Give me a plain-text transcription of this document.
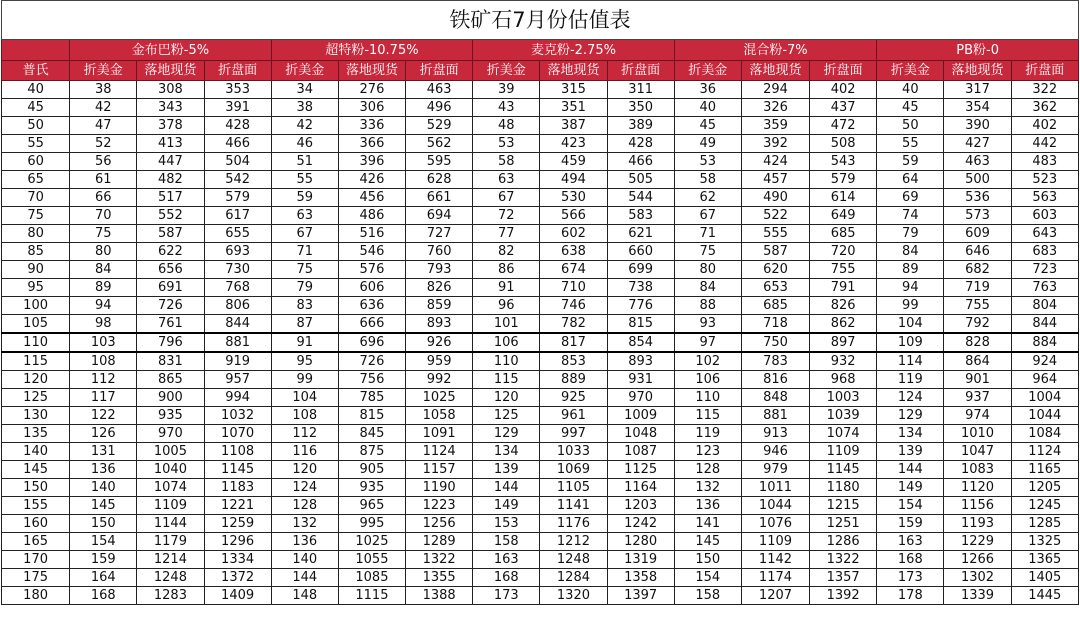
铁矿石7月份估值表															
	金布巴粉-5%			超特粉-10.75%			麦克粉-2.75%			混合粉-7%			PB粉-0		
普氏	折美金	落地现货	折盘面	折美金	落地现货	折盘面	折美金	落地现货	折盘面	折美金	落地现货	折盘面	折美金	落地现货	折盘面
40	38	308	353	34	276	463	39	315	311	36	294	402	40	317	322
45	42	343	391	38	306	496	43	351	350	40	326	437	45	354	362
50	47	378	428	42	336	529	48	387	389	45	359	472	50	390	402
55	52	413	466	46	366	562	53	423	428	49	392	508	55	427	442
60	56	447	504	51	396	595	58	459	466	53	424	543	59	463	483
65	61	482	542	55	426	628	63	494	505	58	457	579	64	500	523
70	66	517	579	59	456	661	67	530	544	62	490	614	69	536	563
75	70	552	617	63	486	694	72	566	583	67	522	649	74	573	603
80	75	587	655	67	516	727	77	602	621	71	555	685	79	609	643
85	80	622	693	71	546	760	82	638	660	75	587	720	84	646	683
90	84	656	730	75	576	793	86	674	699	80	620	755	89	682	723
95	89	691	768	79	606	826	91	710	738	84	653	791	94	719	763
100	94	726	806	83	636	859	96	746	776	88	685	826	99	755	804
105	98	761	844	87	666	893	101	782	815	93	718	862	104	792	844
110	103	796	881	91	696	926	106	817	854	97	750	897	109	828	884
115	108	831	919	95	726	959	110	853	893	102	783	932	114	864	924
120	112	865	957	99	756	992	115	889	931	106	816	968	119	901	964
125	117	900	994	104	785	1025	120	925	970	110	848	1003	124	937	1004
130	122	935	1032	108	815	1058	125	961	1009	115	881	1039	129	974	1044
135	126	970	1070	112	845	1091	129	997	1048	119	913	1074	134	1010	1084
140	131	1005	1108	116	875	1124	134	1033	1087	123	946	1109	139	1047	1124
145	136	1040	1145	120	905	1157	139	1069	1125	128	979	1145	144	1083	1165
150	140	1074	1183	124	935	1190	144	1105	1164	132	1011	1180	149	1120	1205
155	145	1109	1221	128	965	1223	149	1141	1203	136	1044	1215	154	1156	1245
160	150	1144	1259	132	995	1256	153	1176	1242	141	1076	1251	159	1193	1285
165	154	1179	1296	136	1025	1289	158	1212	1280	145	1109	1286	163	1229	1325
170	159	1214	1334	140	1055	1322	163	1248	1319	150	1142	1322	168	1266	1365
175	164	1248	1372	144	1085	1355	168	1284	1358	154	1174	1357	173	1302	1405
180	168	1283	1409	148	1115	1388	173	1320	1397	158	1207	1392	178	1339	1445
